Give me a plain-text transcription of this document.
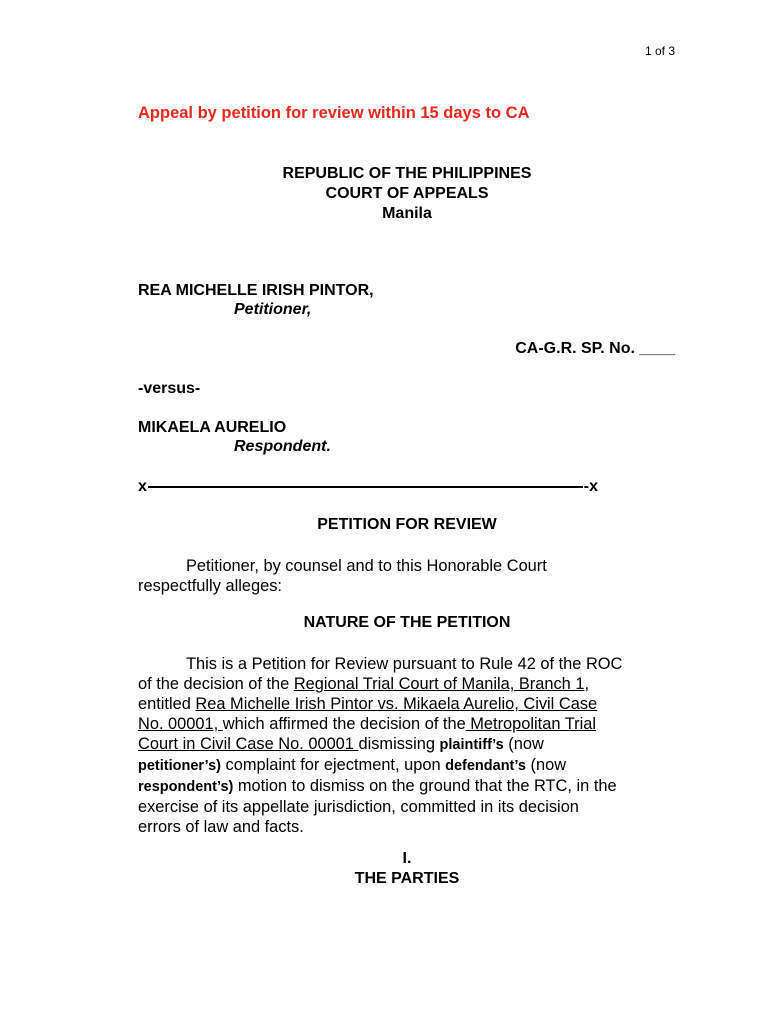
1 of 3
Appeal by petition for review within 15 days to CA
REPUBLIC OF THE PHILIPPINES
COURT OF APPEALS
Manila
REA MICHELLE IRISH PINTOR,
Petitioner,
CA-G.R. SP. No. ____
-versus-
MIKAELA AURELIO
Respondent.
x	-x
PETITION FOR REVIEW
Petitioner, by counsel and to this Honorable Court
respectfully alleges:
NATURE OF THE PETITION
This is a Petition for Review pursuant to Rule 42 of the ROC
of the decision of the Regional Trial Court of Manila, Branch 1,
entitled Rea Michelle Irish Pintor vs. Mikaela Aurelio, Civil Case
No. 00001, which affirmed the decision of the Metropolitan Trial
Court in Civil Case No. 00001 dismissing plaintiff’s (now
petitioner’s) complaint for ejectment, upon defendant’s (now
respondent’s) motion to dismiss on the ground that the RTC, in the
exercise of its appellate jurisdiction, committed in its decision
errors of law and facts.
I.
THE PARTIES
